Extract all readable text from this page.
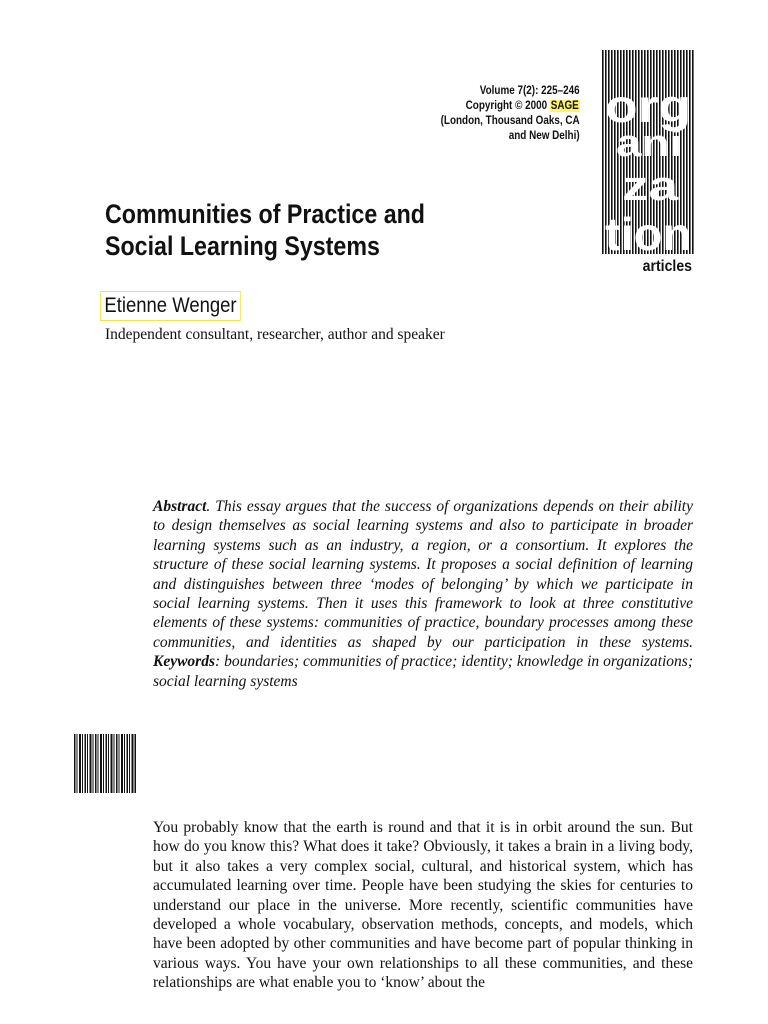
Volume 7(2): 225–246
Copyright © 2000 SAGE
(London, Thousand Oaks, CA
and New Delhi)
articles
Communities of Practice and
Social Learning Systems
Etienne Wenger
Independent consultant, researcher, author and speaker
Abstract. This essay argues that the success of organizations depends on their ability to design themselves as social learning systems and also to participate in broader learning systems such as an industry, a region, or a consortium. It explores the structure of these social learning systems. It proposes a social definition of learning and distinguishes between three ‘modes of belonging’ by which we participate in social learning systems. Then it uses this framework to look at three constitutive elements of these systems: communities of practice, boundary processes among these communities, and identities as shaped by our participation in these systems. Keywords: boundaries; communities of practice; identity; knowledge in organizations; social learning systems
You probably know that the earth is round and that it is in orbit around the sun. But how do you know this? What does it take? Obviously, it takes a brain in a living body, but it also takes a very complex social, cultural, and historical system, which has accumulated learning over time. People have been studying the skies for centuries to understand our place in the universe. More recently, scientific communities have developed a whole vocabulary, observation methods, concepts, and models, which have been adopted by other communities and have become part of popular thinking in various ways. You have your own relationships to all these communities, and these relationships are what enable you to ‘know’ about the
